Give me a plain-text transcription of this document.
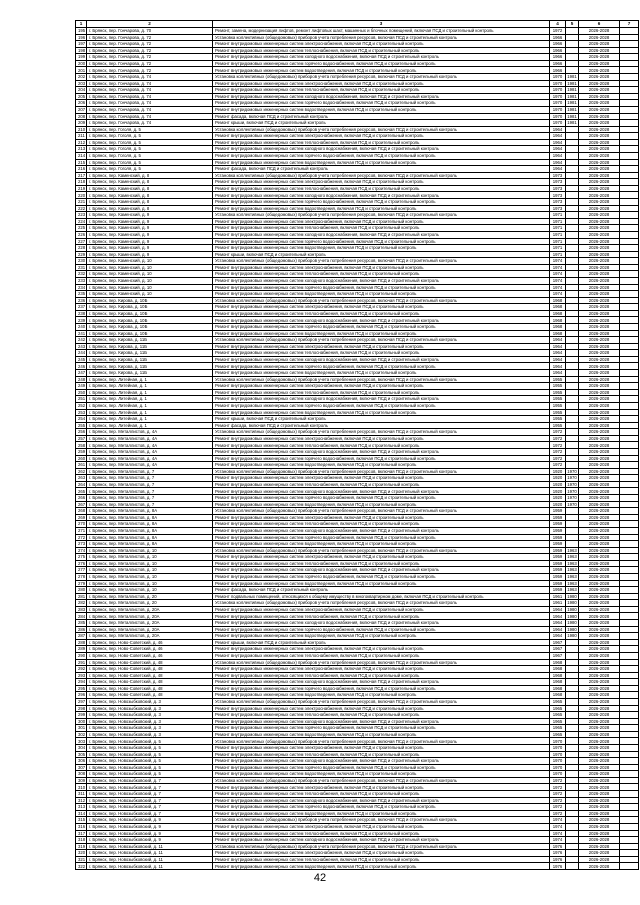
1	2	3	4	5	6	7
195	г. Брянск, пер. Гончарова, д. 70	Ремонт, замена, модернизация лифтов, ремонт лифтовых шахт, машинных и блочных помещений, включая ПСД и строительный контроль	1972		2026-2028	
196	г. Брянск, пер. Гончарова, д. 72	Установка коллективных (общедомовых) приборов учета потребления ресурсов, включая ПСД и строительный контроль	1966		2026-2028	
197	г. Брянск, пер. Гончарова, д. 72	Ремонт внутридомовых инженерных систем электроснабжения, включая ПСД и строительный контроль	1966		2026-2028	
198	г. Брянск, пер. Гончарова, д. 72	Ремонт внутридомовых инженерных систем теплоснабжения, включая ПСД и строительный контроль	1966		2026-2028	
199	г. Брянск, пер. Гончарова, д. 72	Ремонт внутридомовых инженерных систем холодного водоснабжения, включая ПСД и строительный контроль	1966		2026-2028	
200	г. Брянск, пер. Гончарова, д. 72	Ремонт внутридомовых инженерных систем горячего водоснабжения, включая ПСД и строительный контроль	1966		2026-2028	
201	г. Брянск, пер. Гончарова, д. 72	Ремонт внутридомовых инженерных систем водоотведения, включая ПСД и строительный контроль	1966		2026-2028	
202	г. Брянск, пер. Гончарова, д. 74	Установка коллективных (общедомовых) приборов учета потребления ресурсов, включая ПСД и строительный контроль	1970	1981	2026-2028	
203	г. Брянск, пер. Гончарова, д. 74	Ремонт внутридомовых инженерных систем электроснабжения, включая ПСД и строительный контроль	1970	1981	2026-2028	
204	г. Брянск, пер. Гончарова, д. 74	Ремонт внутридомовых инженерных систем теплоснабжения, включая ПСД и строительный контроль	1970	1981	2026-2028	
205	г. Брянск, пер. Гончарова, д. 74	Ремонт внутридомовых инженерных систем холодного водоснабжения, включая ПСД и строительный контроль	1970	1981	2026-2028	
206	г. Брянск, пер. Гончарова, д. 74	Ремонт внутридомовых инженерных систем горячего водоснабжения, включая ПСД и строительный контроль	1970	1981	2026-2028	
207	г. Брянск, пер. Гончарова, д. 74	Ремонт внутридомовых инженерных систем водоотведения, включая ПСД и строительный контроль	1970	1981	2026-2028	
208	г. Брянск, пер. Гончарова, д. 74	Ремонт фасада, включая ПСД и строительный контроль	1970	1981	2026-2028	
209	г. Брянск, пер. Гончарова, д. 74	Ремонт крыши, включая ПСД и строительный контроль	1970	1981	2026-2028	
210	г. Брянск, пер. Гоголя, д. 5	Установка коллективных (общедомовых) приборов учета потребления ресурсов, включая ПСД и строительный контроль	1964		2026-2028	
211	г. Брянск, пер. Гоголя, д. 5	Ремонт внутридомовых инженерных систем электроснабжения, включая ПСД и строительный контроль	1964		2026-2028	
212	г. Брянск, пер. Гоголя, д. 5	Ремонт внутридомовых инженерных систем теплоснабжения, включая ПСД и строительный контроль	1964		2026-2028	
213	г. Брянск, пер. Гоголя, д. 5	Ремонт внутридомовых инженерных систем холодного водоснабжения, включая ПСД и строительный контроль	1964		2026-2028	
214	г. Брянск, пер. Гоголя, д. 5	Ремонт внутридомовых инженерных систем горячего водоснабжения, включая ПСД и строительный контроль	1964		2026-2028	
215	г. Брянск, пер. Гоголя, д. 5	Ремонт внутридомовых инженерных систем водоотведения, включая ПСД и строительный контроль	1964		2026-2028	
216	г. Брянск, пер. Гоголя, д. 5	Ремонт фасада, включая ПСД и строительный контроль	1964		2026-2028	
217	г. Брянск, пер. Каменский, д. 8	Установка коллективных (общедомовых) приборов учета потребления ресурсов, включая ПСД и строительный контроль	1973		2026-2028	
218	г. Брянск, пер. Каменский, д. 8	Ремонт внутридомовых инженерных систем электроснабжения, включая ПСД и строительный контроль	1973		2026-2028	
219	г. Брянск, пер. Каменский, д. 8	Ремонт внутридомовых инженерных систем теплоснабжения, включая ПСД и строительный контроль	1973		2026-2028	
220	г. Брянск, пер. Каменский, д. 8	Ремонт внутридомовых инженерных систем холодного водоснабжения, включая ПСД и строительный контроль	1973		2026-2028	
221	г. Брянск, пер. Каменский, д. 8	Ремонт внутридомовых инженерных систем горячего водоснабжения, включая ПСД и строительный контроль	1973		2026-2028	
222	г. Брянск, пер. Каменский, д. 8	Ремонт внутридомовых инженерных систем водоотведения, включая ПСД и строительный контроль	1973		2026-2028	
223	г. Брянск, пер. Каменский, д. 9	Установка коллективных (общедомовых) приборов учета потребления ресурсов, включая ПСД и строительный контроль	1971		2026-2028	
224	г. Брянск, пер. Каменский, д. 9	Ремонт внутридомовых инженерных систем электроснабжения, включая ПСД и строительный контроль	1971		2026-2028	
225	г. Брянск, пер. Каменский, д. 9	Ремонт внутридомовых инженерных систем теплоснабжения, включая ПСД и строительный контроль	1971		2026-2028	
226	г. Брянск, пер. Каменский, д. 9	Ремонт внутридомовых инженерных систем холодного водоснабжения, включая ПСД и строительный контроль	1971		2026-2028	
227	г. Брянск, пер. Каменский, д. 9	Ремонт внутридомовых инженерных систем горячего водоснабжения, включая ПСД и строительный контроль	1971		2026-2028	
228	г. Брянск, пер. Каменский, д. 9	Ремонт внутридомовых инженерных систем водоотведения, включая ПСД и строительный контроль	1971		2026-2028	
229	г. Брянск, пер. Каменский, д. 9	Ремонт крыши, включая ПСД и строительный контроль	1971		2026-2028	
230	г. Брянск, пер. Каменский, д. 10	Установка коллективных (общедомовых) приборов учета потребления ресурсов, включая ПСД и строительный контроль	1974		2026-2028	
231	г. Брянск, пер. Каменский, д. 10	Ремонт внутридомовых инженерных систем электроснабжения, включая ПСД и строительный контроль	1974		2026-2028	
232	г. Брянск, пер. Каменский, д. 10	Ремонт внутридомовых инженерных систем теплоснабжения, включая ПСД и строительный контроль	1974		2026-2028	
233	г. Брянск, пер. Каменский, д. 10	Ремонт внутридомовых инженерных систем холодного водоснабжения, включая ПСД и строительный контроль	1974		2026-2028	
234	г. Брянск, пер. Каменский, д. 10	Ремонт внутридомовых инженерных систем горячего водоснабжения, включая ПСД и строительный контроль	1974		2026-2028	
235	г. Брянск, пер. Каменский, д. 10	Ремонт внутридомовых инженерных систем водоотведения, включая ПСД и строительный контроль	1974		2026-2028	
236	г. Брянск, пер. Кирова, д. 10Б	Установка коллективных (общедомовых) приборов учета потребления ресурсов, включая ПСД и строительный контроль	1968		2026-2028	
237	г. Брянск, пер. Кирова, д. 10Б	Ремонт внутридомовых инженерных систем электроснабжения, включая ПСД и строительный контроль	1968		2026-2028	
238	г. Брянск, пер. Кирова, д. 10Б	Ремонт внутридомовых инженерных систем теплоснабжения, включая ПСД и строительный контроль	1968		2026-2028	
239	г. Брянск, пер. Кирова, д. 10Б	Ремонт внутридомовых инженерных систем холодного водоснабжения, включая ПСД и строительный контроль	1968		2026-2028	
240	г. Брянск, пер. Кирова, д. 10Б	Ремонт внутридомовых инженерных систем горячего водоснабжения, включая ПСД и строительный контроль	1968		2026-2028	
241	г. Брянск, пер. Кирова, д. 10Б	Ремонт внутридомовых инженерных систем водоотведения, включая ПСД и строительный контроль	1968		2026-2028	
242	г. Брянск, пер. Кирова, д. 11Б	Установка коллективных (общедомовых) приборов учета потребления ресурсов, включая ПСД и строительный контроль	1964		2026-2028	
243	г. Брянск, пер. Кирова, д. 11Б	Ремонт внутридомовых инженерных систем электроснабжения, включая ПСД и строительный контроль	1964		2026-2028	
244	г. Брянск, пер. Кирова, д. 11Б	Ремонт внутридомовых инженерных систем теплоснабжения, включая ПСД и строительный контроль	1964		2026-2028	
245	г. Брянск, пер. Кирова, д. 11Б	Ремонт внутридомовых инженерных систем холодного водоснабжения, включая ПСД и строительный контроль	1964		2026-2028	
246	г. Брянск, пер. Кирова, д. 11Б	Ремонт внутридомовых инженерных систем горячего водоснабжения, включая ПСД и строительный контроль	1964		2026-2028	
247	г. Брянск, пер. Кирова, д. 11Б	Ремонт внутридомовых инженерных систем водоотведения, включая ПСД и строительный контроль	1964		2026-2028	
248	г. Брянск, пер. Литейная, д. 1	Установка коллективных (общедомовых) приборов учета потребления ресурсов, включая ПСД и строительный контроль	1955		2026-2028	
249	г. Брянск, пер. Литейная, д. 1	Ремонт внутридомовых инженерных систем электроснабжения, включая ПСД и строительный контроль	1955		2026-2028	
250	г. Брянск, пер. Литейная, д. 1	Ремонт внутридомовых инженерных систем теплоснабжения, включая ПСД и строительный контроль	1955		2026-2028	
251	г. Брянск, пер. Литейная, д. 1	Ремонт внутридомовых инженерных систем холодного водоснабжения, включая ПСД и строительный контроль	1955		2026-2028	
252	г. Брянск, пер. Литейная, д. 1	Ремонт внутридомовых инженерных систем горячего водоснабжения, включая ПСД и строительный контроль	1955		2026-2028	
253	г. Брянск, пер. Литейная, д. 1	Ремонт внутридомовых инженерных систем водоотведения, включая ПСД и строительный контроль	1955		2026-2028	
254	г. Брянск, пер. Литейная, д. 1	Ремонт крыши, включая ПСД и строительный контроль	1955		2026-2028	
255	г. Брянск, пер. Литейная, д. 1	Ремонт фасада, включая ПСД и строительный контроль	1955		2026-2028	
256	г. Брянск, пер. Металлистов, д. 4А	Установка коллективных (общедомовых) приборов учета потребления ресурсов, включая ПСД и строительный контроль	1972		2026-2028	
257	г. Брянск, пер. Металлистов, д. 4А	Ремонт внутридомовых инженерных систем электроснабжения, включая ПСД и строительный контроль	1972		2026-2028	
258	г. Брянск, пер. Металлистов, д. 4А	Ремонт внутридомовых инженерных систем теплоснабжения, включая ПСД и строительный контроль	1972		2026-2028	
259	г. Брянск, пер. Металлистов, д. 4А	Ремонт внутридомовых инженерных систем холодного водоснабжения, включая ПСД и строительный контроль	1972		2026-2028	
260	г. Брянск, пер. Металлистов, д. 4А	Ремонт внутридомовых инженерных систем горячего водоснабжения, включая ПСД и строительный контроль	1972		2026-2028	
261	г. Брянск, пер. Металлистов, д. 4А	Ремонт внутридомовых инженерных систем водоотведения, включая ПСД и строительный контроль	1972		2026-2028	
262	г. Брянск, пер. Металлистов, д. 7	Установка коллективных (общедомовых) приборов учета потребления ресурсов, включая ПСД и строительный контроль	1920	1970	2026-2028	
263	г. Брянск, пер. Металлистов, д. 7	Ремонт внутридомовых инженерных систем электроснабжения, включая ПСД и строительный контроль	1920	1970	2026-2028	
264	г. Брянск, пер. Металлистов, д. 7	Ремонт внутридомовых инженерных систем теплоснабжения, включая ПСД и строительный контроль	1920	1970	2026-2028	
265	г. Брянск, пер. Металлистов, д. 7	Ремонт внутридомовых инженерных систем холодного водоснабжения, включая ПСД и строительный контроль	1920	1970	2026-2028	
266	г. Брянск, пер. Металлистов, д. 7	Ремонт внутридомовых инженерных систем горячего водоснабжения, включая ПСД и строительный контроль	1920	1970	2026-2028	
267	г. Брянск, пер. Металлистов, д. 7	Ремонт внутридомовых инженерных систем водоотведения, включая ПСД и строительный контроль	1920	1970	2026-2028	
268	г. Брянск, пер. Металлистов, д. 8А	Установка коллективных (общедомовых) приборов учета потребления ресурсов, включая ПСД и строительный контроль	1959		2026-2028	
269	г. Брянск, пер. Металлистов, д. 8А	Ремонт внутридомовых инженерных систем электроснабжения, включая ПСД и строительный контроль	1959		2026-2028	
270	г. Брянск, пер. Металлистов, д. 8А	Ремонт внутридомовых инженерных систем теплоснабжения, включая ПСД и строительный контроль	1959		2026-2028	
271	г. Брянск, пер. Металлистов, д. 8А	Ремонт внутридомовых инженерных систем холодного водоснабжения, включая ПСД и строительный контроль	1959		2026-2028	
272	г. Брянск, пер. Металлистов, д. 8А	Ремонт внутридомовых инженерных систем горячего водоснабжения, включая ПСД и строительный контроль	1959		2026-2028	
273	г. Брянск, пер. Металлистов, д. 8А	Ремонт внутридомовых инженерных систем водоотведения, включая ПСД и строительный контроль	1959		2026-2028	
274	г. Брянск, пер. Металлистов, д. 10	Установка коллективных (общедомовых) приборов учета потребления ресурсов, включая ПСД и строительный контроль	1959	1963	2026-2028	
275	г. Брянск, пер. Металлистов, д. 10	Ремонт внутридомовых инженерных систем электроснабжения, включая ПСД и строительный контроль	1959	1963	2026-2028	
276	г. Брянск, пер. Металлистов, д. 10	Ремонт внутридомовых инженерных систем теплоснабжения, включая ПСД и строительный контроль	1959	1963	2026-2028	
277	г. Брянск, пер. Металлистов, д. 10	Ремонт внутридомовых инженерных систем холодного водоснабжения, включая ПСД и строительный контроль	1959	1963	2026-2028	
278	г. Брянск, пер. Металлистов, д. 10	Ремонт внутридомовых инженерных систем горячего водоснабжения, включая ПСД и строительный контроль	1959	1963	2026-2028	
279	г. Брянск, пер. Металлистов, д. 10	Ремонт внутридомовых инженерных систем водоотведения, включая ПСД и строительный контроль	1959	1963	2026-2028	
280	г. Брянск, пер. Металлистов, д. 10	Ремонт фасада, включая ПСД и строительный контроль	1959	1963	2026-2028	
281	г. Брянск, пер. Металлистов, д. 20	Ремонт подвальных помещений, относящихся к общему имуществу в многоквартирном доме, включая ПСД и строительный контроль	1961	1980	2026-2028	
282	г. Брянск, пер. Металлистов, д. 20	Установка коллективных (общедомовых) приборов учета потребления ресурсов, включая ПСД и строительный контроль	1961	1980	2026-2028	
283	г. Брянск, пер. Металлистов, д. 20А	Ремонт внутридомовых инженерных систем электроснабжения, включая ПСД и строительный контроль	1964	1980	2026-2028	
284	г. Брянск, пер. Металлистов, д. 20А	Ремонт внутридомовых инженерных систем теплоснабжения, включая ПСД и строительный контроль	1964	1980	2026-2028	
285	г. Брянск, пер. Металлистов, д. 20А	Ремонт внутридомовых инженерных систем холодного водоснабжения, включая ПСД и строительный контроль	1964	1980	2026-2028	
286	г. Брянск, пер. Металлистов, д. 20А	Ремонт внутридомовых инженерных систем горячего водоснабжения, включая ПСД и строительный контроль	1964	1980	2026-2028	
287	г. Брянск, пер. Металлистов, д. 20А	Ремонт внутридомовых инженерных систем водоотведения, включая ПСД и строительный контроль	1964	1980	2026-2028	
288	г. Брянск, пер. Ново-Советский, д. 46	Ремонт крыши, включая ПСД и строительный контроль	1967		2026-2028	
289	г. Брянск, пер. Ново-Советский, д. 46	Ремонт внутридомовых инженерных систем электроснабжения, включая ПСД и строительный контроль	1967		2026-2028	
290	г. Брянск, пер. Ново-Советский, д. 46	Ремонт внутридомовых инженерных систем теплоснабжения, включая ПСД и строительный контроль	1967		2026-2028	
291	г. Брянск, пер. Ново-Советский, д. 48	Установка коллективных (общедомовых) приборов учета потребления ресурсов, включая ПСД и строительный контроль	1968		2026-2028	
292	г. Брянск, пер. Ново-Советский, д. 48	Ремонт внутридомовых инженерных систем электроснабжения, включая ПСД и строительный контроль	1968		2026-2028	
293	г. Брянск, пер. Ново-Советский, д. 48	Ремонт внутридомовых инженерных систем теплоснабжения, включая ПСД и строительный контроль	1968		2026-2028	
294	г. Брянск, пер. Ново-Советский, д. 48	Ремонт внутридомовых инженерных систем холодного водоснабжения, включая ПСД и строительный контроль	1968		2026-2028	
295	г. Брянск, пер. Ново-Советский, д. 48	Ремонт внутридомовых инженерных систем горячего водоснабжения, включая ПСД и строительный контроль	1968		2026-2028	
296	г. Брянск, пер. Ново-Советский, д. 48	Ремонт внутридомовых инженерных систем водоотведения, включая ПСД и строительный контроль	1968		2026-2028	
297	г. Брянск, пер. Новозыбковский, д. 3	Установка коллективных (общедомовых) приборов учета потребления ресурсов, включая ПСД и строительный контроль	1965		2026-2028	
298	г. Брянск, пер. Новозыбковский, д. 3	Ремонт внутридомовых инженерных систем электроснабжения, включая ПСД и строительный контроль	1965		2026-2028	
299	г. Брянск, пер. Новозыбковский, д. 3	Ремонт внутридомовых инженерных систем теплоснабжения, включая ПСД и строительный контроль	1965		2026-2028	
300	г. Брянск, пер. Новозыбковский, д. 3	Ремонт внутридомовых инженерных систем холодного водоснабжения, включая ПСД и строительный контроль	1965		2026-2028	
301	г. Брянск, пер. Новозыбковский, д. 3	Ремонт внутридомовых инженерных систем горячего водоснабжения, включая ПСД и строительный контроль	1965		2026-2028	
302	г. Брянск, пер. Новозыбковский, д. 3	Ремонт внутридомовых инженерных систем водоотведения, включая ПСД и строительный контроль	1965		2026-2028	
303	г. Брянск, пер. Новозыбковский, д. 5	Установка коллективных (общедомовых) приборов учета потребления ресурсов, включая ПСД и строительный контроль	1970		2026-2028	
304	г. Брянск, пер. Новозыбковский, д. 5	Ремонт внутридомовых инженерных систем электроснабжения, включая ПСД и строительный контроль	1970		2026-2028	
305	г. Брянск, пер. Новозыбковский, д. 5	Ремонт внутридомовых инженерных систем теплоснабжения, включая ПСД и строительный контроль	1970		2026-2028	
306	г. Брянск, пер. Новозыбковский, д. 5	Ремонт внутридомовых инженерных систем холодного водоснабжения, включая ПСД и строительный контроль	1970		2026-2028	
307	г. Брянск, пер. Новозыбковский, д. 5	Ремонт внутридомовых инженерных систем горячего водоснабжения, включая ПСД и строительный контроль	1970		2026-2028	
308	г. Брянск, пер. Новозыбковский, д. 5	Ремонт внутридомовых инженерных систем водоотведения, включая ПСД и строительный контроль	1970		2026-2028	
309	г. Брянск, пер. Новозыбковский, д. 7	Установка коллективных (общедомовых) приборов учета потребления ресурсов, включая ПСД и строительный контроль	1972		2026-2028	
310	г. Брянск, пер. Новозыбковский, д. 7	Ремонт внутридомовых инженерных систем электроснабжения, включая ПСД и строительный контроль	1972		2026-2028	
311	г. Брянск, пер. Новозыбковский, д. 7	Ремонт внутридомовых инженерных систем теплоснабжения, включая ПСД и строительный контроль	1972		2026-2028	
312	г. Брянск, пер. Новозыбковский, д. 7	Ремонт внутридомовых инженерных систем холодного водоснабжения, включая ПСД и строительный контроль	1972		2026-2028	
313	г. Брянск, пер. Новозыбковский, д. 7	Ремонт внутридомовых инженерных систем горячего водоснабжения, включая ПСД и строительный контроль	1972		2026-2028	
314	г. Брянск, пер. Новозыбковский, д. 7	Ремонт внутридомовых инженерных систем водоотведения, включая ПСД и строительный контроль	1972		2026-2028	
315	г. Брянск, пер. Новозыбковский, д. 9	Установка коллективных (общедомовых) приборов учета потребления ресурсов, включая ПСД и строительный контроль	1974		2026-2028	
316	г. Брянск, пер. Новозыбковский, д. 9	Ремонт внутридомовых инженерных систем электроснабжения, включая ПСД и строительный контроль	1974		2026-2028	
317	г. Брянск, пер. Новозыбковский, д. 9	Ремонт внутридомовых инженерных систем теплоснабжения, включая ПСД и строительный контроль	1974		2026-2028	
318	г. Брянск, пер. Новозыбковский, д. 9	Ремонт внутридомовых инженерных систем холодного водоснабжения, включая ПСД и строительный контроль	1974		2026-2028	
319	г. Брянск, пер. Новозыбковский, д. 11	Установка коллективных (общедомовых) приборов учета потребления ресурсов, включая ПСД и строительный контроль	1976		2026-2028	
320	г. Брянск, пер. Новозыбковский, д. 11	Ремонт внутридомовых инженерных систем электроснабжения, включая ПСД и строительный контроль	1976		2026-2028	
321	г. Брянск, пер. Новозыбковский, д. 11	Ремонт внутридомовых инженерных систем теплоснабжения, включая ПСД и строительный контроль	1976		2026-2028	
322	г. Брянск, пер. Новозыбковский, д. 11	Ремонт внутридомовых инженерных систем водоотведения, включая ПСД и строительный контроль	1976		2026-2028	
42
